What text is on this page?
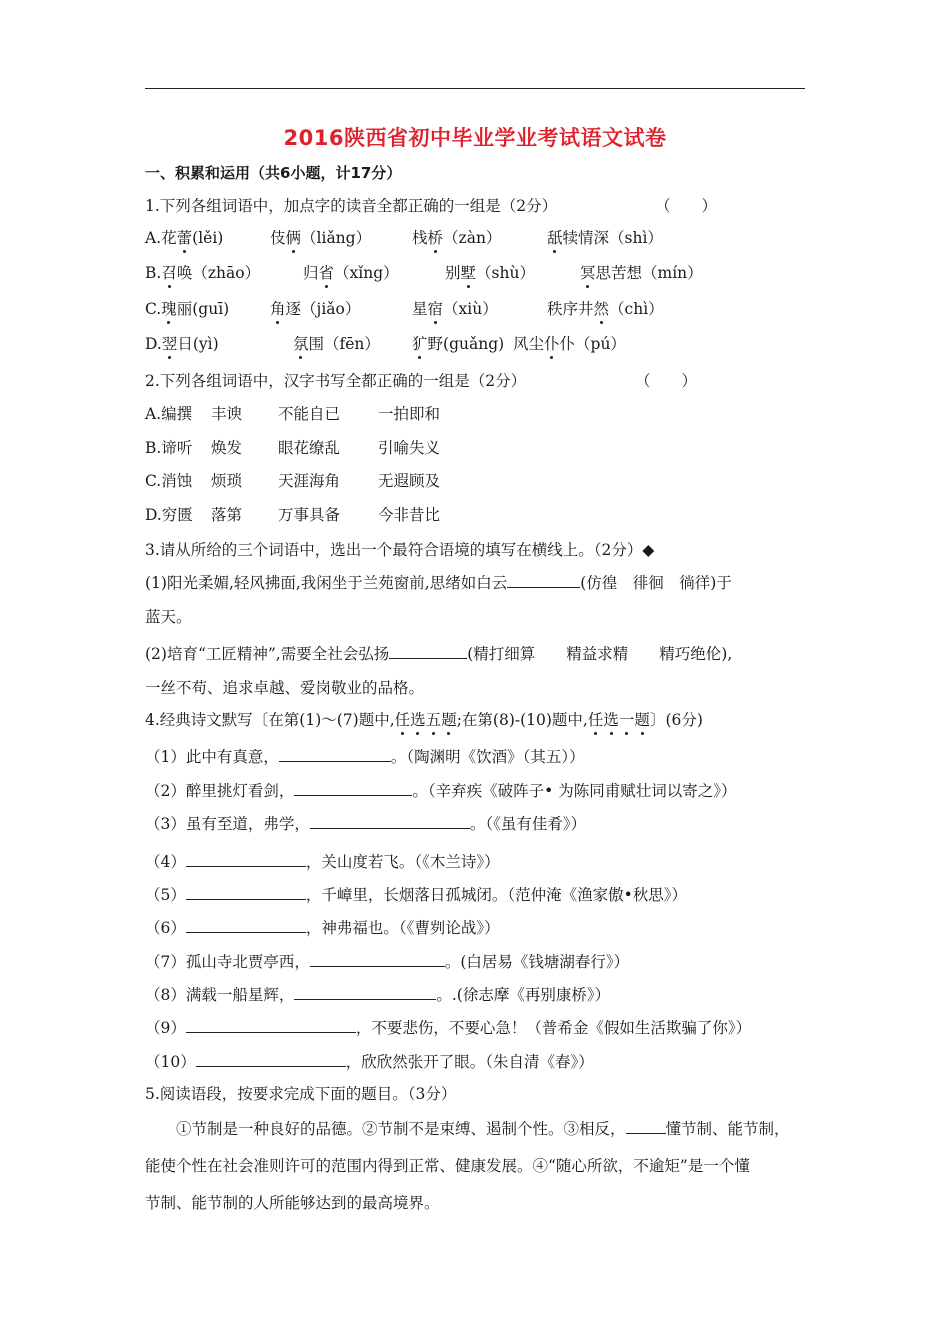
2016陕西省初中毕业学业考试语文试卷
一、积累和运用（共6小题，计17分）
1.下列各组词语中，加点字的读音全都正确的一组是（2分）	（　　）
A.花蕾(lěi)	伎俩（liǎng）	栈桥（zàn）	舐犊情深（shì）
B.召唤（zhāo）	归省（xǐng）	别墅（shù）	冥思苦想（mín）
C.瑰丽(guī)	角逐（jiǎo）	星宿（xiù）	秩序井然（chì）
D.翌日(yì)	氛围（fēn） 犷野(guǎng) 风尘仆仆（pú）
2.下列各组词语中，汉字书写全都正确的一组是（2分）	（　　）
A.编撰 丰谀 不能自已 一拍即和
B.谛听 焕发 眼花缭乱 引喻失义
C.消蚀 烦琐 天涯海角 无遐顾及
D.穷匮 落第 万事具备 今非昔比
3.请从所给的三个词语中，选出一个最符合语境的填写在横线上。（2分）◆
(1)阳光柔媚,轻风拂面,我闲坐于兰苑窗前,思绪如白云	(仿徨　徘徊　徜徉)于
蓝天。
(2)培育“工匠精神”,需要全社会弘扬	(精打细算　　精益求精　　精巧绝伦),
一丝不苟、追求卓越、爱岗敬业的品格。
4.经典诗文默写〔在第(1)～(7)题中,任选五题;在第(8)-(10)题中,任选一题〕(6分)
（1）此中有真意，	。（陶渊明《饮酒》（其五））
（2）醉里挑灯看剑，	。（辛弃疾《破阵子• 为陈同甫赋壮词以寄之》）
（3）虽有至道，弗学，	。（《虽有佳肴》）
（4）	，关山度若飞。（《木兰诗》）
（5）	，千嶂里，长烟落日孤城闭。（范仲淹《渔家傲•秋思》）
（6）	，神弗福也。（《曹刿论战》）
（7）孤山寺北贾亭西，	。(白居易《钱塘湖春行》）
（8）满载一船星辉，	。.(徐志摩《再别康桥》）
（9）	，不要悲伤，不要心急！（普希金《假如生活欺骗了你》）
（10）	，欣欣然张开了眼。（朱自清《春》）
5.阅读语段，按要求完成下面的题目。（3分）
①节制是一种良好的品德。②节制不是束缚、遏制个性。③相反，	懂节制、能节制，
能使个性在社会准则许可的范围内得到正常、健康发展。④“随心所欲，不逾矩”是一个懂
节制、能节制的人所能够达到的最高境界。
